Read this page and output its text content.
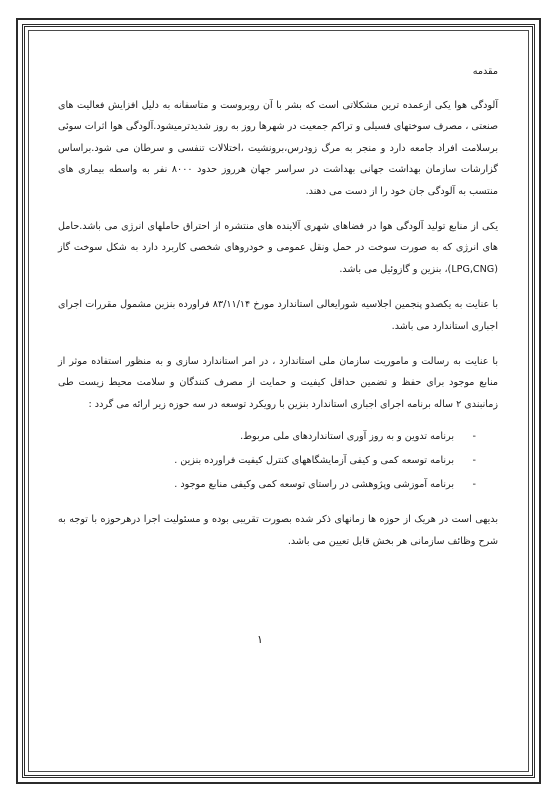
مقدمه

آلودگی هوا یکی ازعمده ترین مشکلاتی است که بشر با آن روبروست و متاسفانه به دلیل افزایش فعالیت های صنعتی ، مصرف سوختهای فسیلی و تراکم جمعیت در شهرها روز به روز شدیدترمیشود.آلودگی هوا اثرات سوئی برسلامت افراد جامعه دارد و منجر به مرگ زودرس،برونشیت ،اختلالات تنفسی و سرطان می شود.براساس گزارشات سازمان بهداشت جهانی بهداشت در سراسر جهان هرروز حدود ۸۰۰۰ نفر به واسطه بیماری های منتسب به آلودگی جان خود را از دست می دهند.

یکی از منابع تولید آلودگی هوا در فضاهای شهری آلاینده های منتشره از احتراق حاملهای انرژی می باشد.حامل های انرژی که به صورت سوخت در حمل ونقل عمومی و خودروهای شخصی کاربرد دارد به شکل سوخت گاز (LPG,CNG)، بنزین و گازوئیل می باشد.

با عنایت به یکصدو پنجمین اجلاسیه شورایعالی استاندارد مورخ ۸۳/۱۱/۱۴ فراورده بنزین مشمول مقررات اجرای اجباری استاندارد می باشد.

با عنایت به رسالت و ماموریت سازمان ملی استاندارد ، در امر استاندارد سازی و به منظور استفاده موثر از منابع موجود برای حفظ و تضمین حداقل کیفیت و حمایت از مصرف کنندگان و سلامت محیط زیست طی زمانبندی ۲ ساله برنامه اجرای اجباری استاندارد بنزین با رویکرد توسعه در سه حوزه زیر ارائه می گردد :

-
برنامه تدوین و به روز آوری استانداردهای ملی مربوط.
-
برنامه توسعه کمی و کیفی آزمایشگاههای کنترل کیفیت فراورده بنزین .
-
برنامه آموزشی وپژوهشی در راستای توسعه کمی وکیفی منابع موجود .

بدیهی است در هریک از حوزه ها زمانهای ذکر شده بصورت تقریبی بوده و مسئولیت اجرا درهرحوزه با توجه به شرح وظائف سازمانی هر بخش قابل تعیین می باشد.

۱
